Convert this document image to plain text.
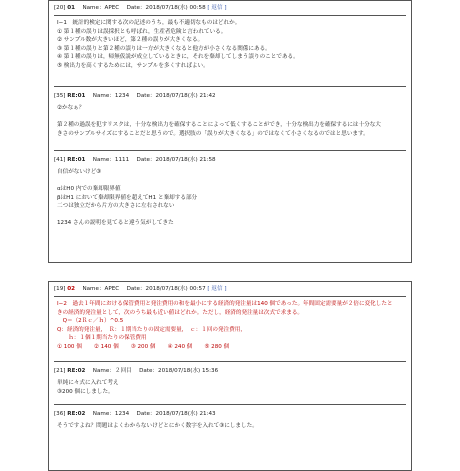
[20] 01　 Name：APEC　 Date：2018/07/18(水) 00:58 [ 返信 ]
Ⅰ−1　統計的検定に関する次の記述のうち，最も不適切なものはどれか。
① 第１種の誤りは誤採択とも呼ばれ，生産者危険と言われている。
② サンプル数が大きいほど，第２種の誤りが大きくなる。
③ 第１種の誤りと第２種の誤りは一方が大きくなると他方が小さくなる関係にある。
④ 第１種の誤りは，帰無仮説が成立しているときに，それを棄却してしまう誤りのことである。
⑤ 検出力を高くするためには，サンプルを多くすればよい。
[35] RE:01　 Name：1234　 Date：2018/07/18(水) 21:42
②かなぁ？
第２種の過誤を犯すリスクは，十分な検出力を確保することによって低くすることができ，十分な検出力を確保するには十分な大
きさのサンプルサイズにすることだと思うので。選択肢の「誤りが大きくなる」のではなくて小さくなるのではと思います。
[41] RE:01　 Name：1111　 Date：2018/07/18(水) 21:58
自信がないけど③
αはH0 内での棄却限界値
βはH1 において棄却限界値を超えてH1 と棄却する部分
二つは独立だから片方の大きさに左右されない
1234 さんの説明を見てると違う気がしてきた
[19] 02　 Name：APEC　 Date：2018/07/18(水) 00:57 [ 返信 ]
Ⅰ−2　過去１年間における保管費用と発注費用の和を最小にする経済的発注量は140 個であった。年間固定需要量が２倍に変化したと
きの経済的発注量として，次のうち最も近い値はどれか。ただし，経済的発注量は次式で求まる。
　Q＝（2Ｒｃ／ｈ）^0.5
Q：経済的発注量，　Ｒ：１期当たりの固定需要量，　ｃ：１回の発注費用，
　　ｈ：１個１期当たりの保管費用
① 100 個 ② 140 個 ③ 200 個 ④ 240 個 ⑤ 280 個
[21] RE:02　 Name：２回目　 Date：2018/07/18(水) 15:36
単純に々式に入れて考え
③200 個にしました。
[36] RE:02　 Name：1234　 Date：2018/07/18(水) 21:43
そうですよね？問題はよくわからないけどとにかく数字を入れて③にしました。
